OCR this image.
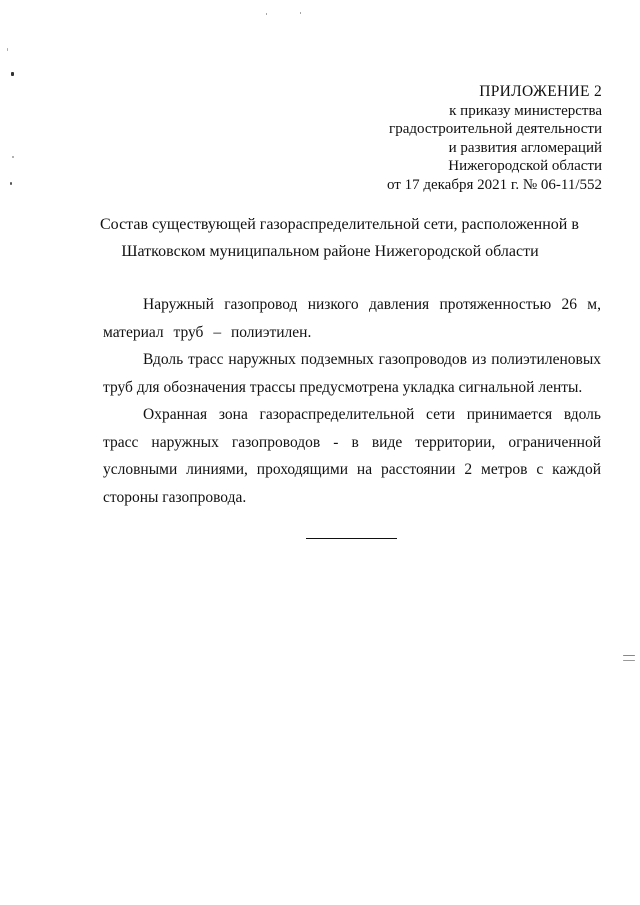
ПРИЛОЖЕНИЕ 2
к приказу министерства
градостроительной деятельности
и развития агломераций
Нижегородской области
от 17 декабря 2021 г. № 06-11/552
Состав существующей газораспределительной сети, расположенной в
Шатковском муниципальном районе Нижегородской области

Наружный газопровод низкого давления протяженностью 26 м, материал труб – полиэтилен.

Вдоль трасс наружных подземных газопроводов из полиэтиленовых труб для обозначения трассы предусмотрена укладка сигнальной ленты.

Охранная зона газораспределительной сети принимается вдоль трасс наружных газопроводов - в виде территории, ограниченной условными линиями, проходящими на расстоянии 2 метров с каждой стороны газопровода.
